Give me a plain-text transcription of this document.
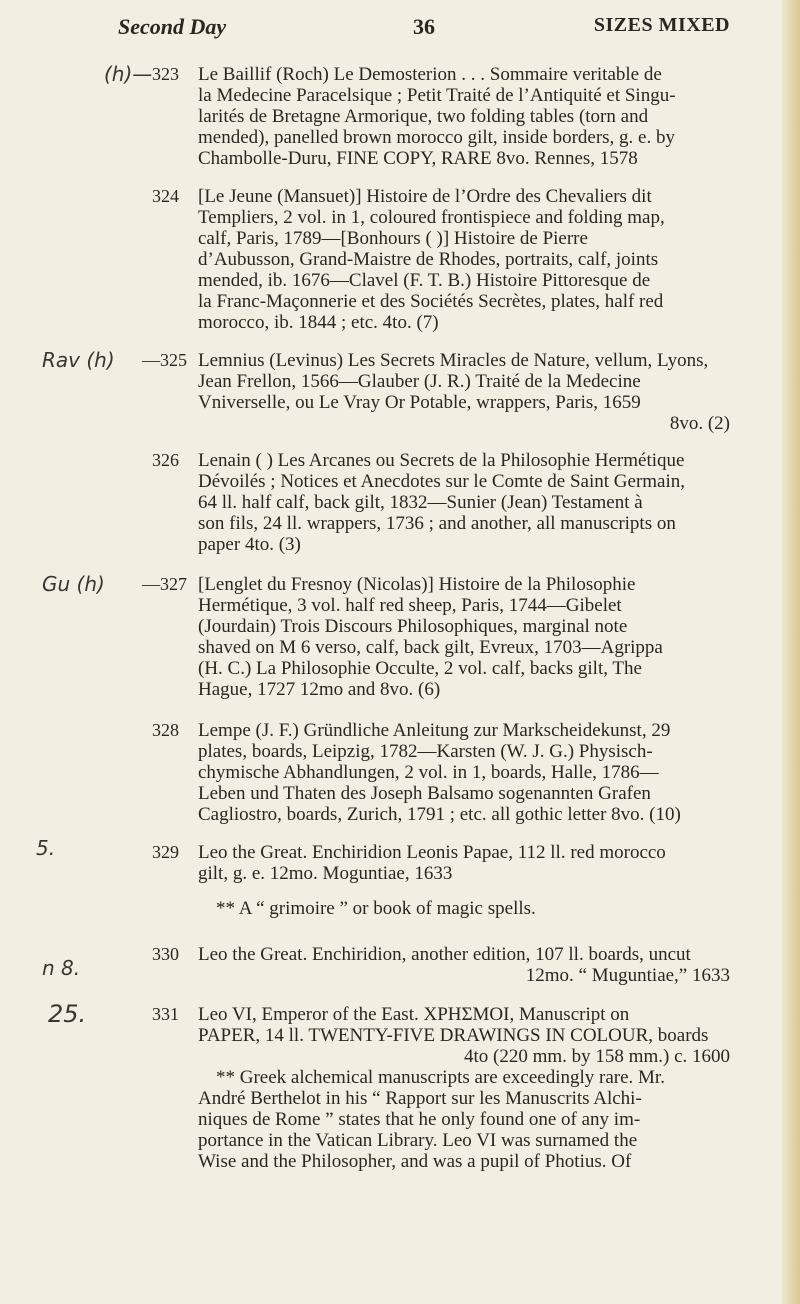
Second Day	36	SIZES MIXED
(h)— 323 Le Baillif (Roch) Le Demosterion . . . Sommaire veritable de
la Medecine Paracelsique ; Petit Traité de l’Antiquité et Singu-
larités de Bretagne Armorique, two folding tables (torn and
mended), panelled brown morocco gilt, inside borders, g. e. by
Chambolle-Duru, FINE COPY, RARE 8vo. Rennes, 1578
324 [Le Jeune (Mansuet)] Histoire de l’Ordre des Chevaliers dit
Templiers, 2 vol. in 1, coloured frontispiece and folding map,
calf, Paris, 1789—[Bonhours ( )] Histoire de Pierre
d’Aubusson, Grand-Maistre de Rhodes, portraits, calf, joints
mended, ib. 1676—Clavel (F. T. B.) Histoire Pittoresque de
la Franc-Maçonnerie et des Sociétés Secrètes, plates, half red
morocco, ib. 1844 ; etc. 4to. (7)
Rav (h) —325 Lemnius (Levinus) Les Secrets Miracles de Nature, vellum, Lyons,
Jean Frellon, 1566—Glauber (J. R.) Traité de la Medecine
Vniverselle, ou Le Vray Or Potable, wrappers, Paris, 1659
8vo. (2)
326 Lenain ( ) Les Arcanes ou Secrets de la Philosophie Hermétique
Dévoilés ; Notices et Anecdotes sur le Comte de Saint Germain,
64 ll. half calf, back gilt, 1832—Sunier (Jean) Testament à
son fils, 24 ll. wrappers, 1736 ; and another, all manuscripts on
paper 4to. (3)
Gu (h) —327 [Lenglet du Fresnoy (Nicolas)] Histoire de la Philosophie
Hermétique, 3 vol. half red sheep, Paris, 1744—Gibelet
(Jourdain) Trois Discours Philosophiques, marginal note
shaved on M 6 verso, calf, back gilt, Evreux, 1703—Agrippa
(H. C.) La Philosophie Occulte, 2 vol. calf, backs gilt, The
Hague, 1727 12mo and 8vo. (6)
328 Lempe (J. F.) Gründliche Anleitung zur Markscheidekunst, 29
plates, boards, Leipzig, 1782—Karsten (W. J. G.) Physisch-
chymische Abhandlungen, 2 vol. in 1, boards, Halle, 1786—
Leben und Thaten des Joseph Balsamo sogenannten Grafen
Cagliostro, boards, Zurich, 1791 ; etc. all gothic letter 8vo. (10)
5.	329 Leo the Great. Enchiridion Leonis Papae, 112 ll. red morocco
gilt, g. e. 12mo. Moguntiae, 1633
** A “ grimoire ” or book of magic spells.
n 8.
330 Leo the Great. Enchiridion, another edition, 107 ll. boards, uncut
12mo. “ Muguntiae,” 1633
25.	331 Leo VI, Emperor of the East. ΧΡΗΣΜΟΙ, Manuscript on
PAPER, 14 ll. TWENTY-FIVE DRAWINGS IN COLOUR, boards
4to (220 mm. by 158 mm.) c. 1600
** Greek alchemical manuscripts are exceedingly rare. Mr.
André Berthelot in his “ Rapport sur les Manuscrits Alchi-
niques de Rome ” states that he only found one of any im-
portance in the Vatican Library. Leo VI was surnamed the
Wise and the Philosopher, and was a pupil of Photius. Of
